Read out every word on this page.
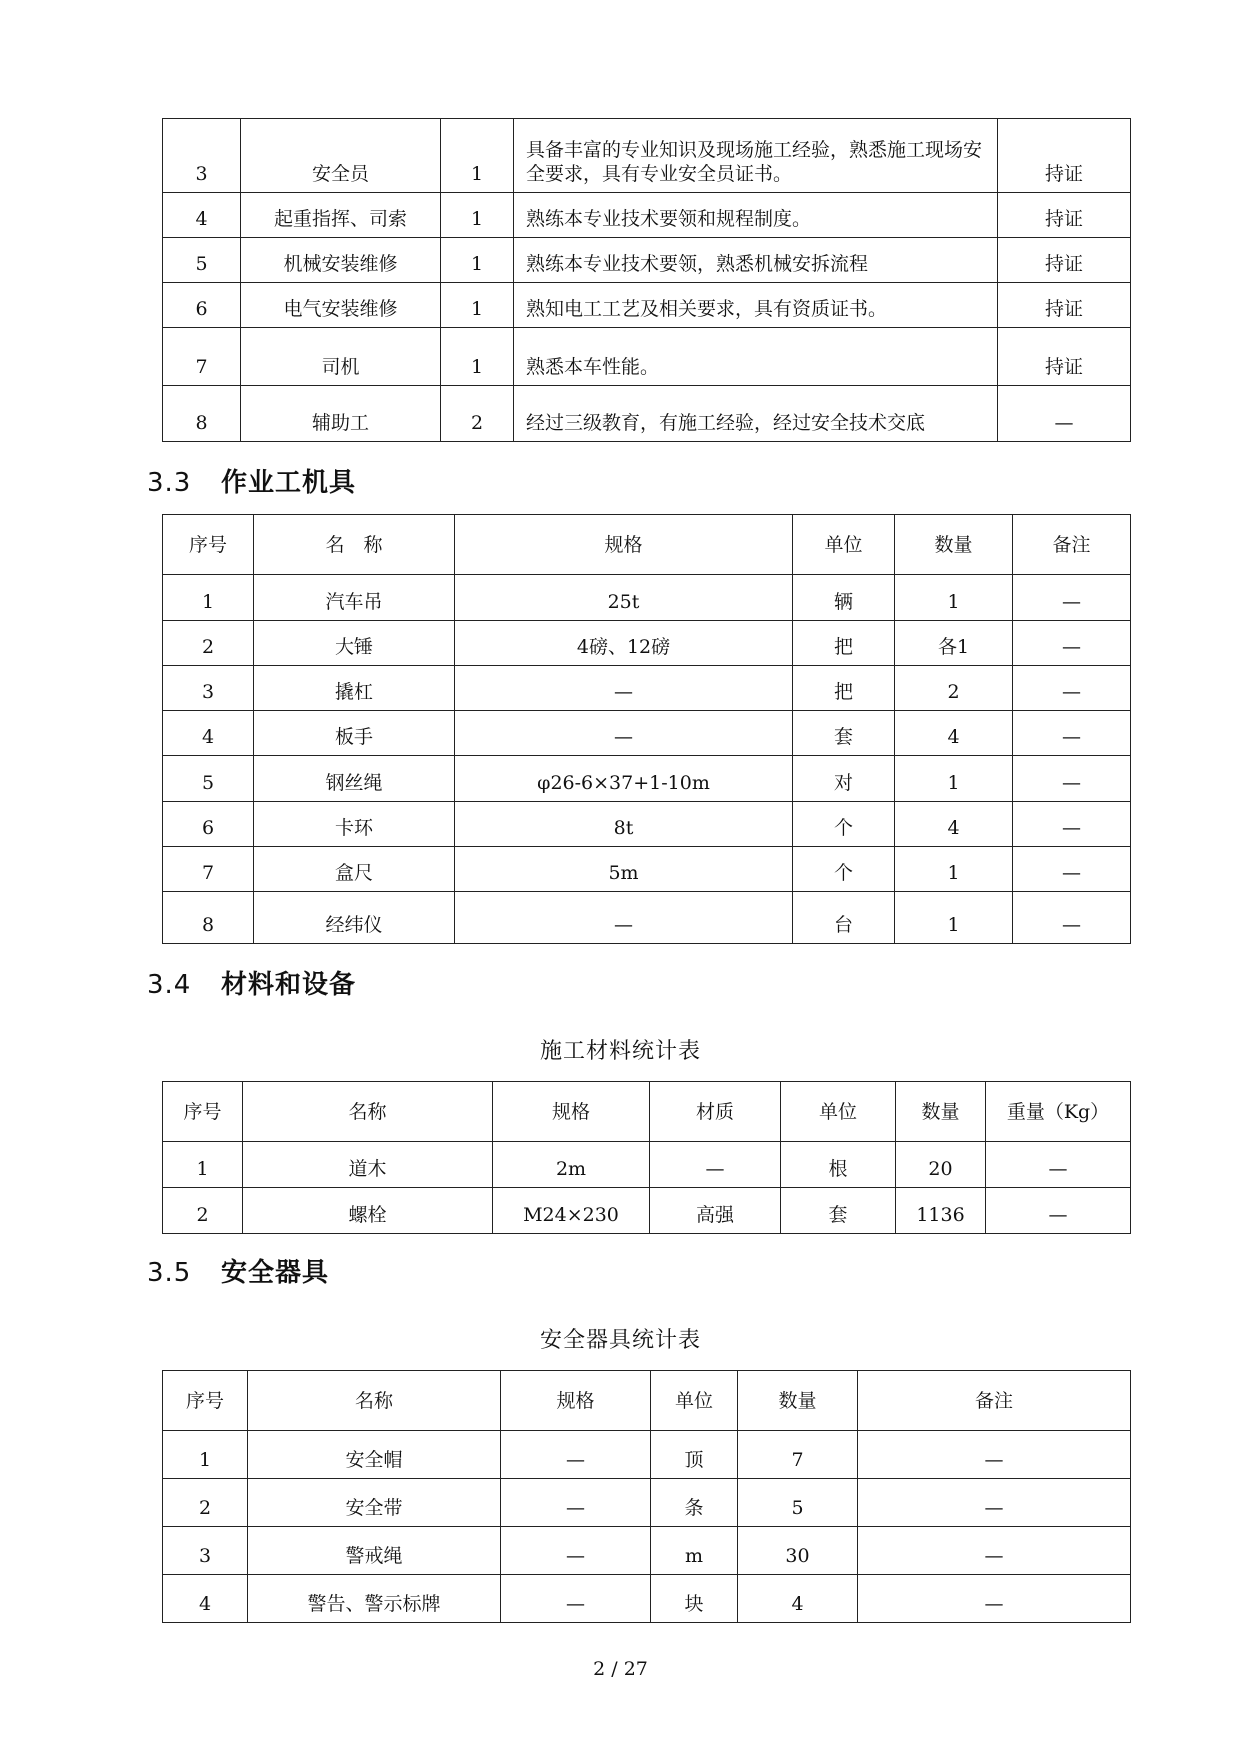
3	安全员	1	具备丰富的专业知识及现场施工经验，熟悉施工现场安全要求，具有专业安全员证书。	持证
4	起重指挥、司索	1	熟练本专业技术要领和规程制度。	持证
5	机械安装维修	1	熟练本专业技术要领，熟悉机械安拆流程	持证
6	电气安装维修	1	熟知电工工艺及相关要求，具有资质证书。	持证
7	司机	1	熟悉本车性能。	持证
8	辅助工	2	经过三级教育，有施工经验，经过安全技术交底	—
3.3 作业工机具
序号	名　称	规格	单位	数量	备注
1	汽车吊	25t	辆	1	—
2	大锤	4磅、12磅	把	各1	—
3	撬杠	—	把	2	—
4	板手	—	套	4	—
5	钢丝绳	φ26-6×37+1-10m	对	1	—
6	卡环	8t	个	4	—
7	盒尺	5m	个	1	—
8	经纬仪	—	台	1	—
3.4 材料和设备

施工材料统计表

序号	名称	规格	材质	单位	数量	重量（Kg）
1	道木	2m	—	根	20	—
2	螺栓	M24×230	高强	套	1136	—
3.5 安全器具

安全器具统计表

序号	名称	规格	单位	数量	备注
1	安全帽	—	顶	7	—
2	安全带	—	条	5	—
3	警戒绳	—	m	30	—
4	警告、警示标牌	—	块	4	—
2 / 27
